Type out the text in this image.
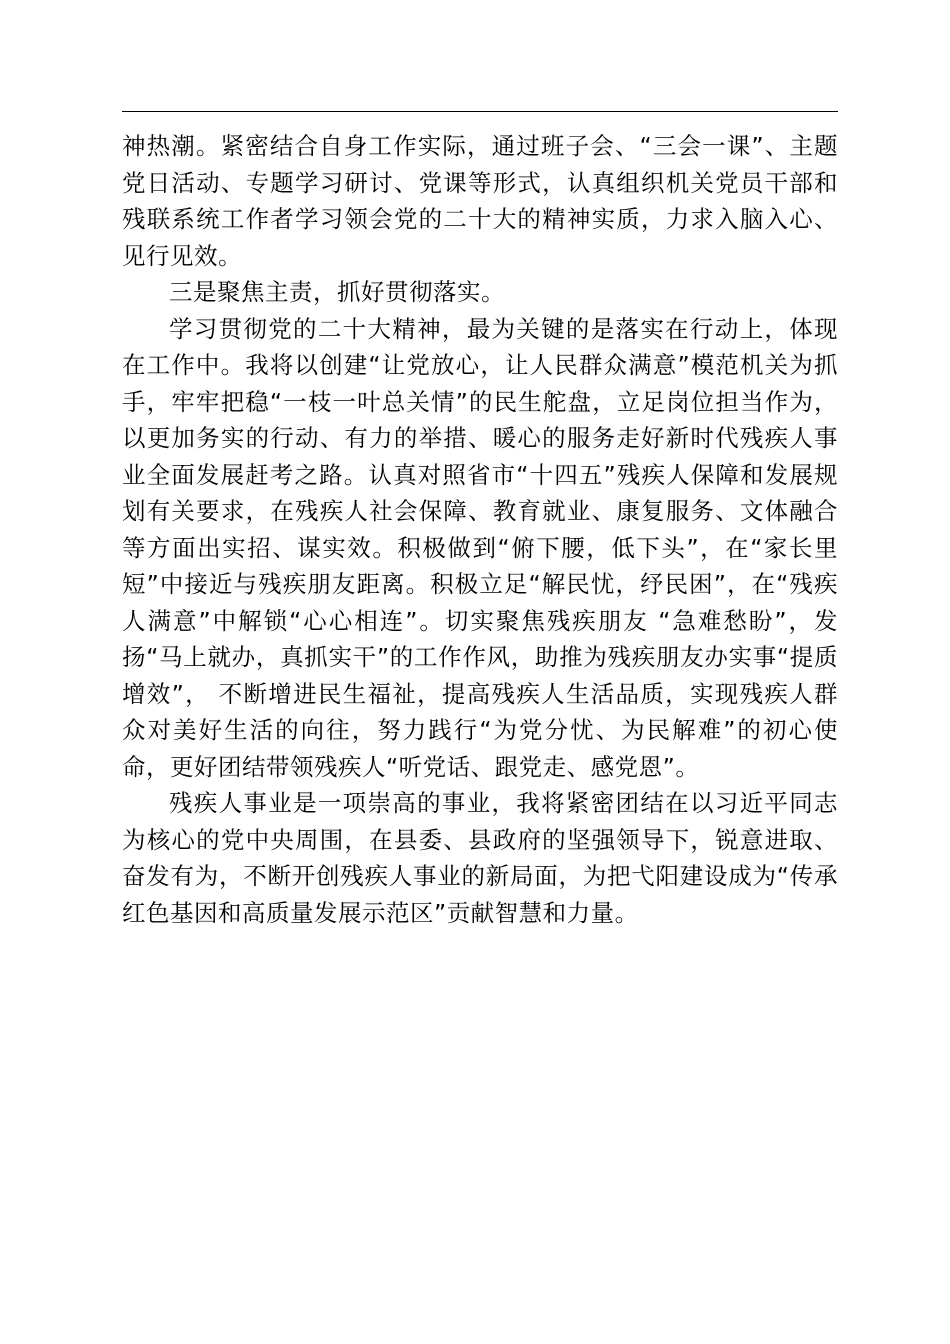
神热潮。紧密结合自身工作实际，通过班子会、“三会一课”、主题党日活动、专题学习研讨、党课等形式，认真组织机关党员干部和残联系统工作者学习领会党的二十大的精神实质，力求入脑入心、见行见效。

三是聚焦主责，抓好贯彻落实。

学习贯彻党的二十大精神，最为关键的是落实在行动上，体现在工作中。我将以创建“让党放心，让人民群众满意”模范机关为抓手，牢牢把稳“一枝一叶总关情”的民生舵盘，立足岗位担当作为，以更加务实的行动、有力的举措、暖心的服务走好新时代残疾人事业全面发展赶考之路。认真对照省市“十四五”残疾人保障和发展规划有关要求，在残疾人社会保障、教育就业、康复服务、文体融合等方面出实招、谋实效。积极做到“俯下腰，低下头”，在“家长里短”中接近与残疾朋友距离。积极立足“解民忧，纾民困”，在“残疾人满意”中解锁“心心相连”。切实聚焦残疾朋友 “急难愁盼”，发扬“马上就办，真抓实干”的工作作风，助推为残疾朋友办实事“提质增效”， 不断增进民生福祉，提高残疾人生活品质，实现残疾人群众对美好生活的向往，努力践行“为党分忧、为民解难”的初心使命，更好团结带领残疾人“听党话、跟党走、感党恩”。

残疾人事业是一项崇高的事业，我将紧密团结在以习近平同志为核心的党中央周围，在县委、县政府的坚强领导下，锐意进取、奋发有为，不断开创残疾人事业的新局面，为把弋阳建设成为“传承红色基因和高质量发展示范区”贡献智慧和力量。
